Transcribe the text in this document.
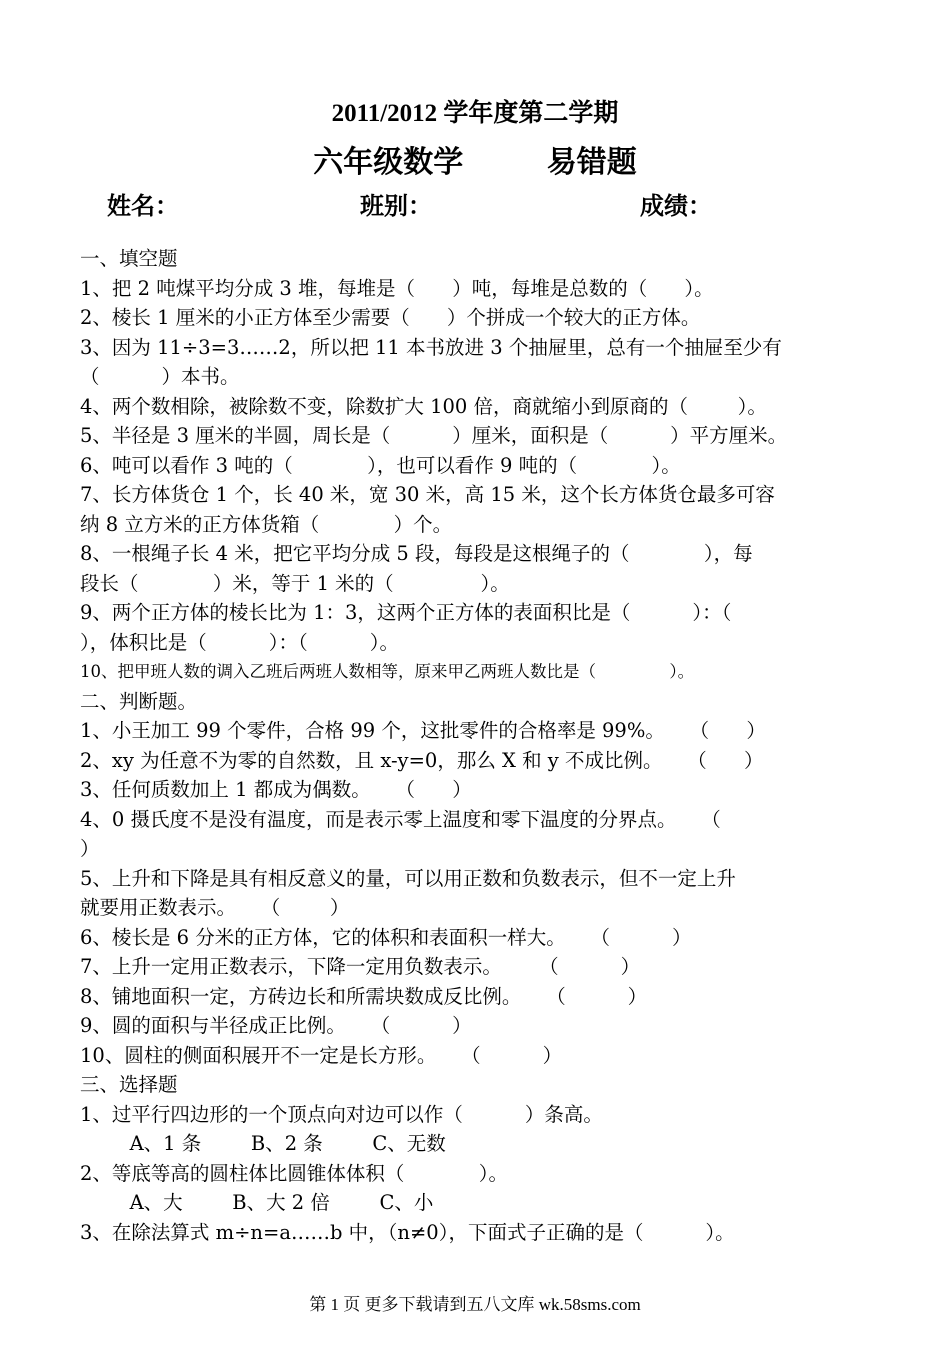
2011/2012 学年度第二学期
六年级数学        易错题
姓名：	班别：	成绩：
一、填空题
1、把 2 吨煤平均分成 3 堆，每堆是（      ）吨，每堆是总数的（      ）。
2、棱长 1 厘米的小正方体至少需要（      ）个拼成一个较大的正方体。
3、因为 11÷3=3……2，所以把 11 本书放进 3 个抽屉里，总有一个抽屉至少有
（          ）本书。
4、两个数相除，被除数不变，除数扩大 100 倍，商就缩小到原商的（        ）。
5、半径是 3 厘米的半圆，周长是（          ）厘米，面积是（          ）平方厘米。
6、吨可以看作 3 吨的（            ），也可以看作 9 吨的（            ）。
7、长方体货仓 1 个，长 40 米，宽 30 米，高 15 米，这个长方体货仓最多可容
纳 8 立方米的正方体货箱（            ）个。
8、一根绳子长 4 米，把它平均分成 5 段，每段是这根绳子的（            ），每
段长（            ）米，等于 1 米的（              ）。
9、两个正方体的棱长比为 1：3，这两个正方体的表面积比是（          ）：（
），体积比是（          ）：（          ）。
10、把甲班人数的调入乙班后两班人数相等，原来甲乙两班人数比是（              ）。
二、判断题。
1、小王加工 99 个零件，合格 99 个，这批零件的合格率是 99%。    （      ）
2、xy 为任意不为零的自然数，且 x-y=0，那么 X 和 y 不成比例。    （      ）
3、任何质数加上 1 都成为偶数。    （      ）
4、0 摄氏度不是没有温度，而是表示零上温度和零下温度的分界点。    （
）
5、上升和下降是具有相反意义的量，可以用正数和负数表示，但不一定上升
就要用正数表示。    （        ）
6、棱长是 6 分米的正方体，它的体积和表面积一样大。    （          ）
7、上升一定用正数表示，下降一定用负数表示。      （          ）
8、铺地面积一定，方砖边长和所需块数成反比例。    （          ）
9、圆的面积与半径成正比例。    （          ）
10、圆柱的侧面积展开不一定是长方形。    （          ）
三、选择题
1、过平行四边形的一个顶点向对边可以作（          ）条高。
A、1 条        B、2 条        C、无数
2、等底等高的圆柱体比圆锥体体积（            ）。
A、大        B、大 2 倍        C、小
3、在除法算式 m÷n=a……b 中，（n≠0），下面式子正确的是（          ）。
第 1 页 更多下载请到五八文库 wk.58sms.com
